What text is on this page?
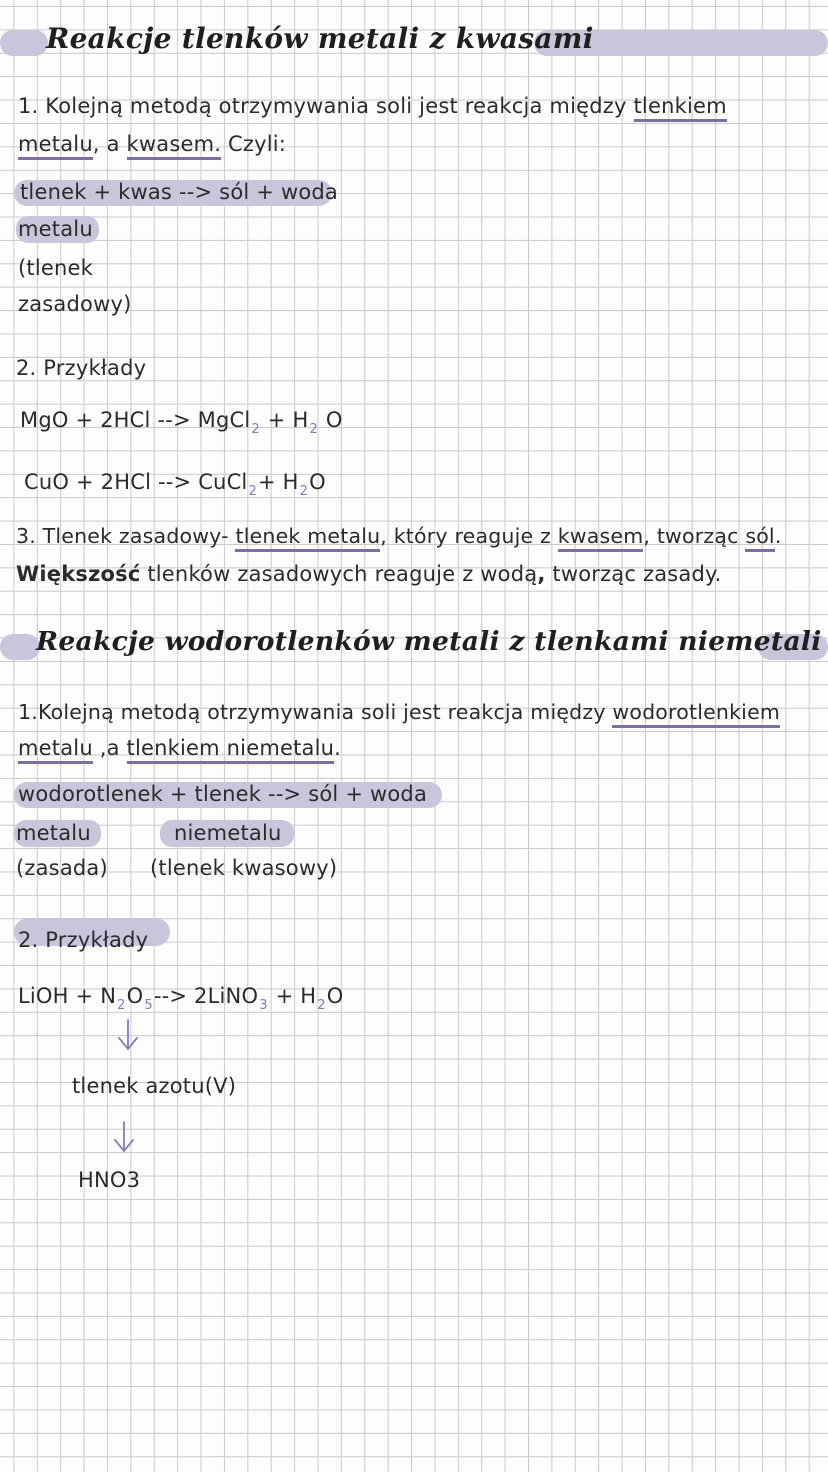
Reakcje tlenków metali z kwasami
1. Kolejną metodą otrzymywania soli jest reakcja między tlenkiem
metalu, a kwasem. Czyli:
tlenek + kwas --> sól + woda
metalu
(tlenek
zasadowy)
2. Przykłady
MgO + 2HCl --> MgCl$_2$ + $H_2$ O
CuO + 2HCl --> CuCl$_2$+ $H_2O$
3. Tlenek zasadowy- tlenek metalu, który reaguje z kwasem, tworząc sól.
Większość tlenków zasadowych reaguje z wodą, tworząc zasady.
Reakcje wodorotlenków metali z tlenkami niemetali
1.Kolejną metodą otrzymywania soli jest reakcja między wodorotlenkiem
metalu ,a tlenkiem niemetalu.
wodorotlenek + tlenek --> sól + woda
metalu	niemetalu
(zasada) (tlenek kwasowy)
2. Przykłady
LiOH + $N_2O_5-->$ 2LiNO$_3$ + $H_2O$
tlenek azotu(V)
HNO3
